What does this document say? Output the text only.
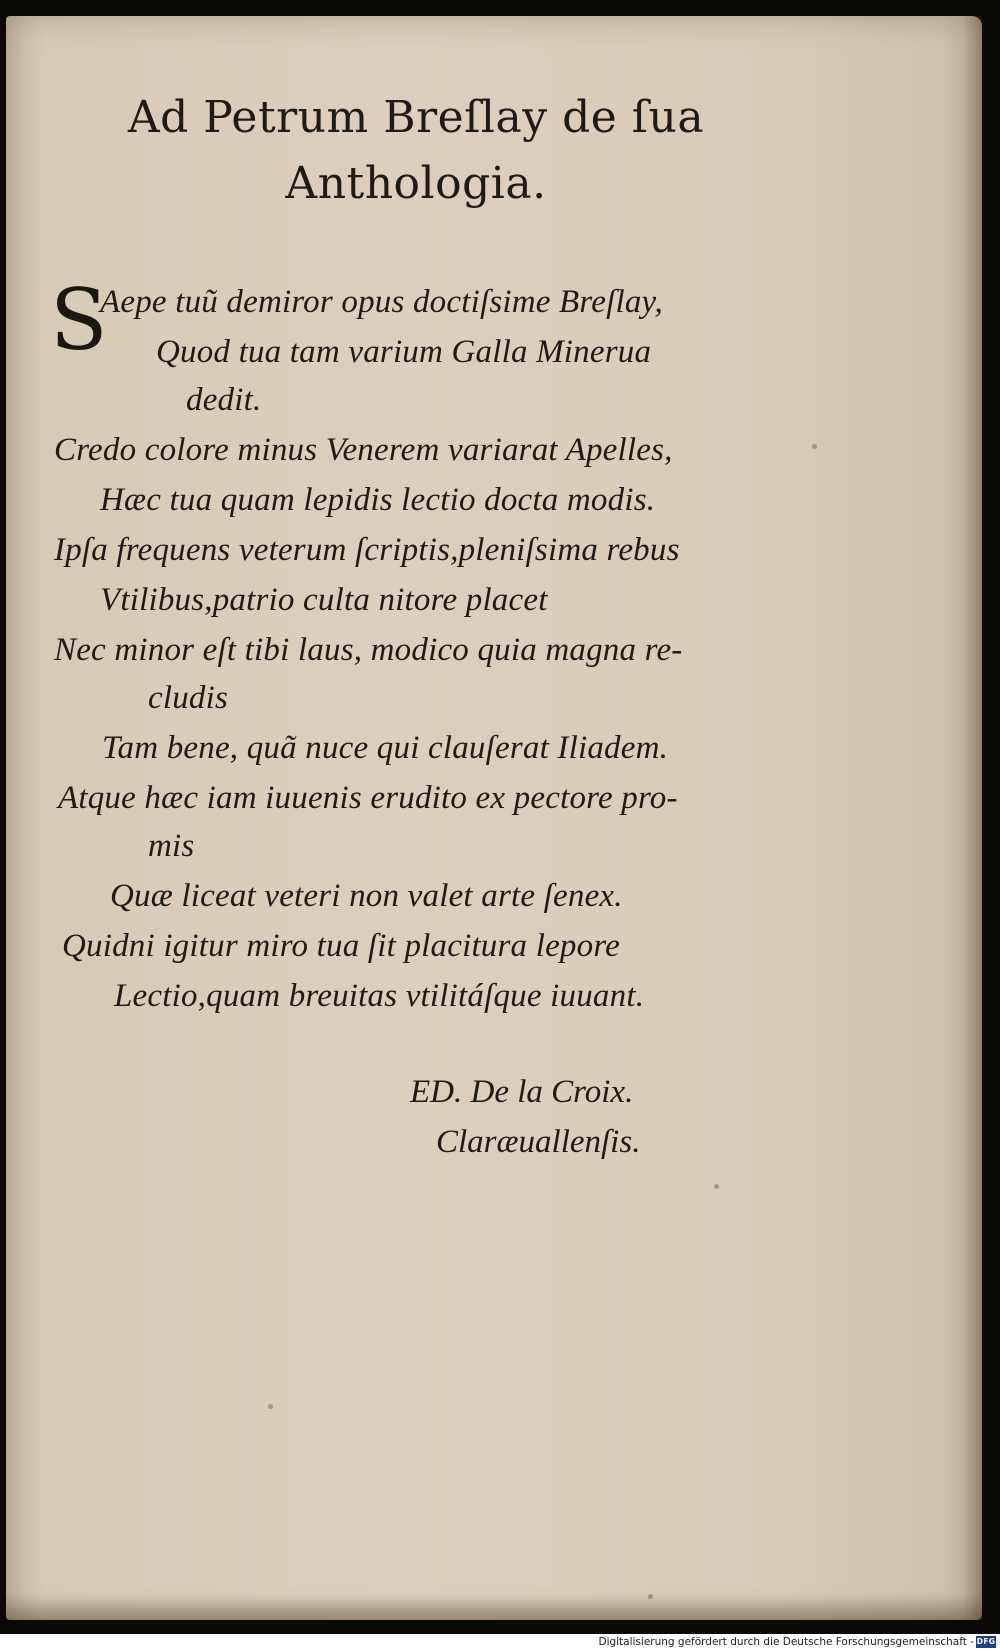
Ad Petrum Breſlay de ſua
Anthologia.
S
Aepe tuũ demiror opus doctiſsime Breſlay,
Quod tua tam varium Galla Minerua
dedit.
Credo colore minus Venerem variarat Apelles,
Hæc tua quam lepidis lectio docta modis.
Ipſa frequens veterum ſcriptis,pleniſsima rebus
Vtilibus,patrio culta nitore placet
Nec minor eſt tibi laus, modico quia magna re-
cludis
Tam bene, quã nuce qui clauſerat Iliadem.
Atque hæc iam iuuenis erudito ex pectore pro-
mis
Quæ liceat veteri non valet arte ſenex.
Quidni igitur miro tua ſit placitura lepore
Lectio,quam breuitas vtilitáſque iuuant.
ED. De la Croix.
Claræuallenſis.
Digitalisierung gefördert durch die Deutsche Forschungsgemeinschaft - DFG
